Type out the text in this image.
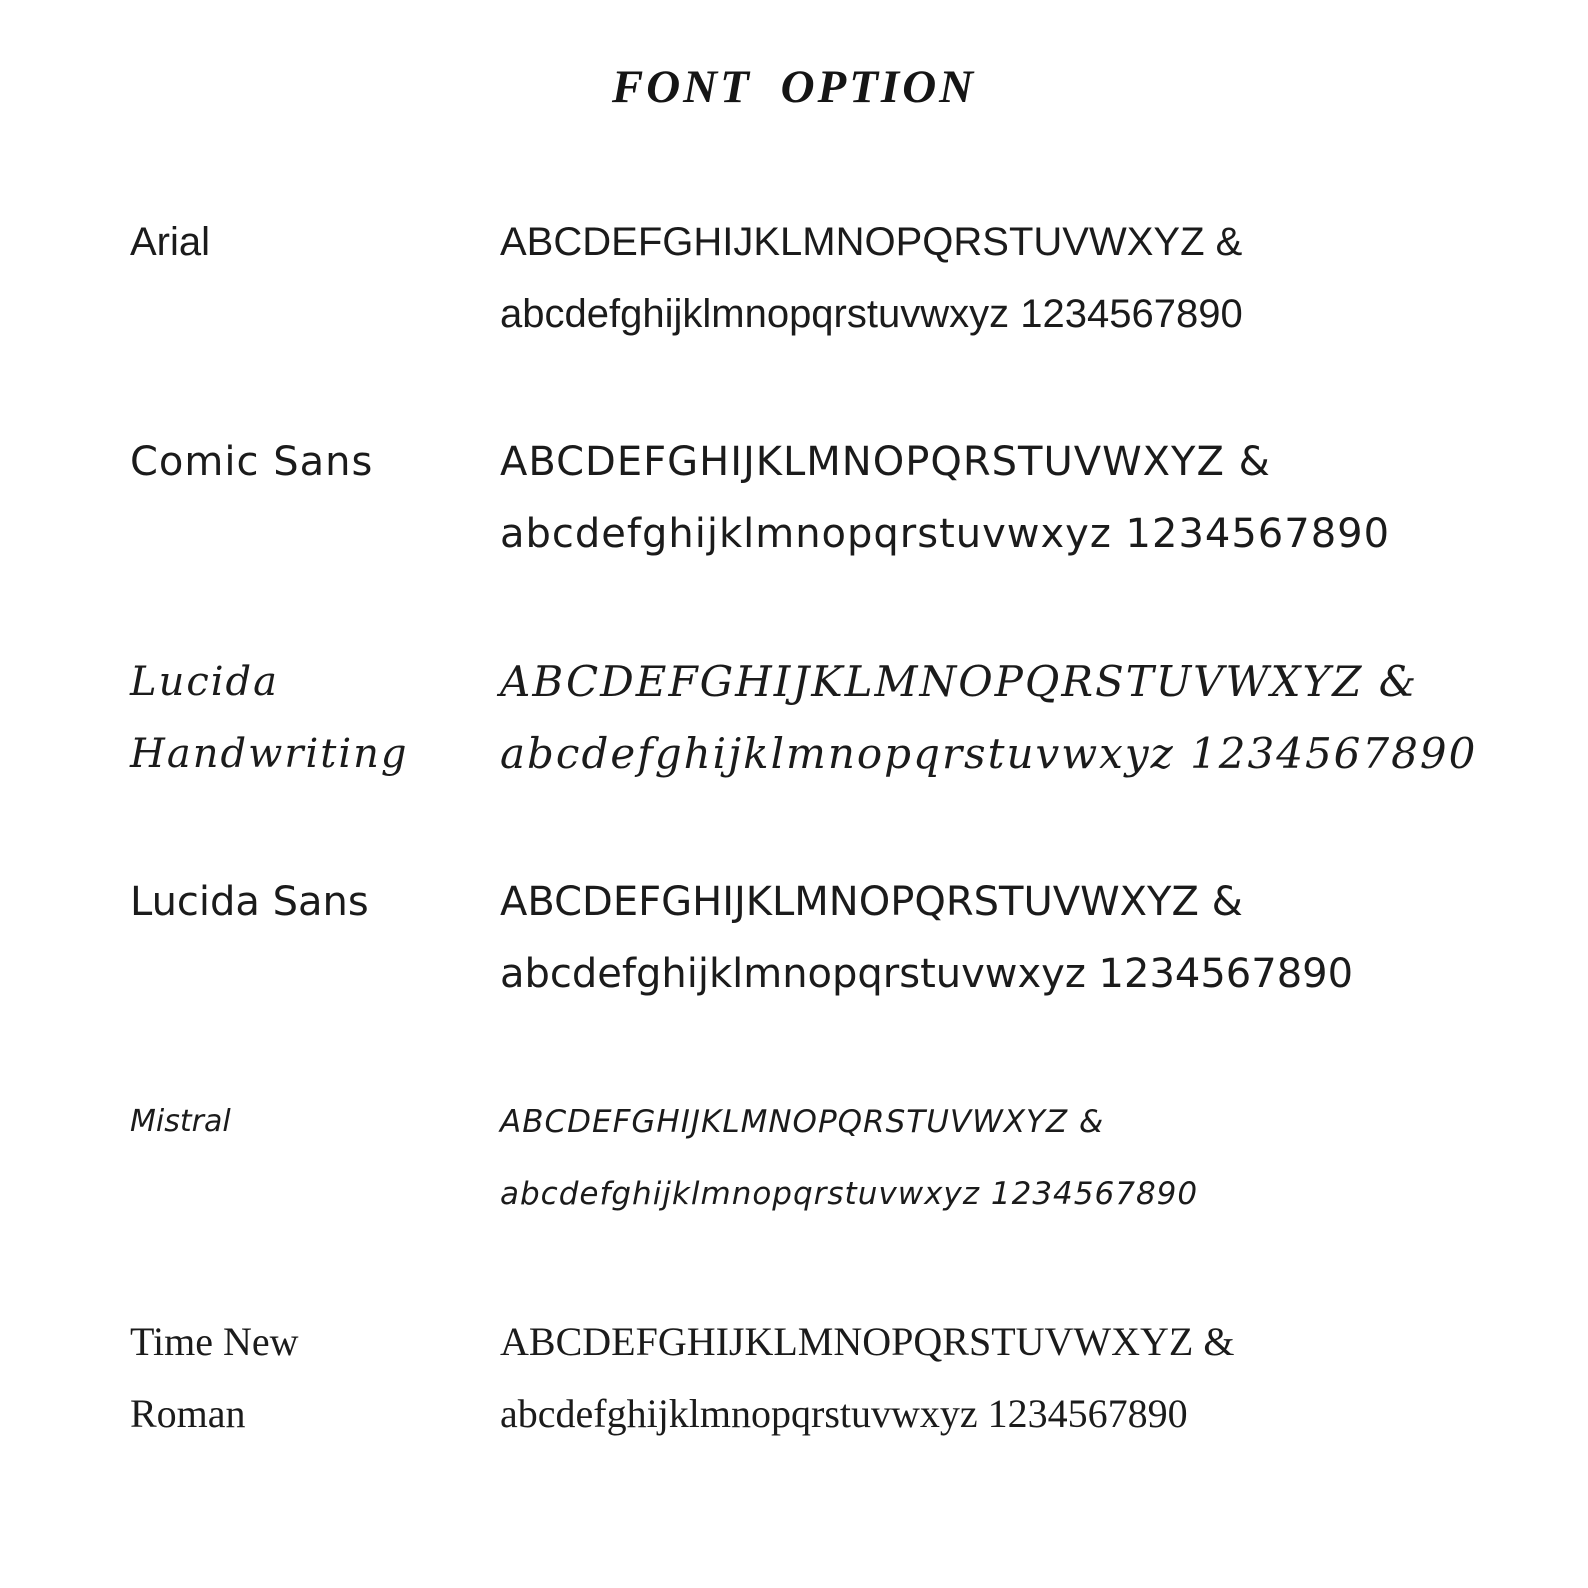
FONT OPTION
Arial	ABCDEFGHIJKLMNOPQRSTUVWXYZ &
abcdefghijklmnopqrstuvwxyz 1234567890
Comic Sans	ABCDEFGHIJKLMNOPQRSTUVWXYZ &
abcdefghijklmnopqrstuvwxyz 1234567890
Lucida Handwriting
ABCDEFGHIJKLMNOPQRSTUVWXYZ &
abcdefghijklmnopqrstuvwxyz 1234567890
Lucida Sans	ABCDEFGHIJKLMNOPQRSTUVWXYZ &
abcdefghijklmnopqrstuvwxyz 1234567890
Mistral	ABCDEFGHIJKLMNOPQRSTUVWXYZ &
abcdefghijklmnopqrstuvwxyz 1234567890
Time New Roman
ABCDEFGHIJKLMNOPQRSTUVWXYZ &
abcdefghijklmnopqrstuvwxyz 1234567890
